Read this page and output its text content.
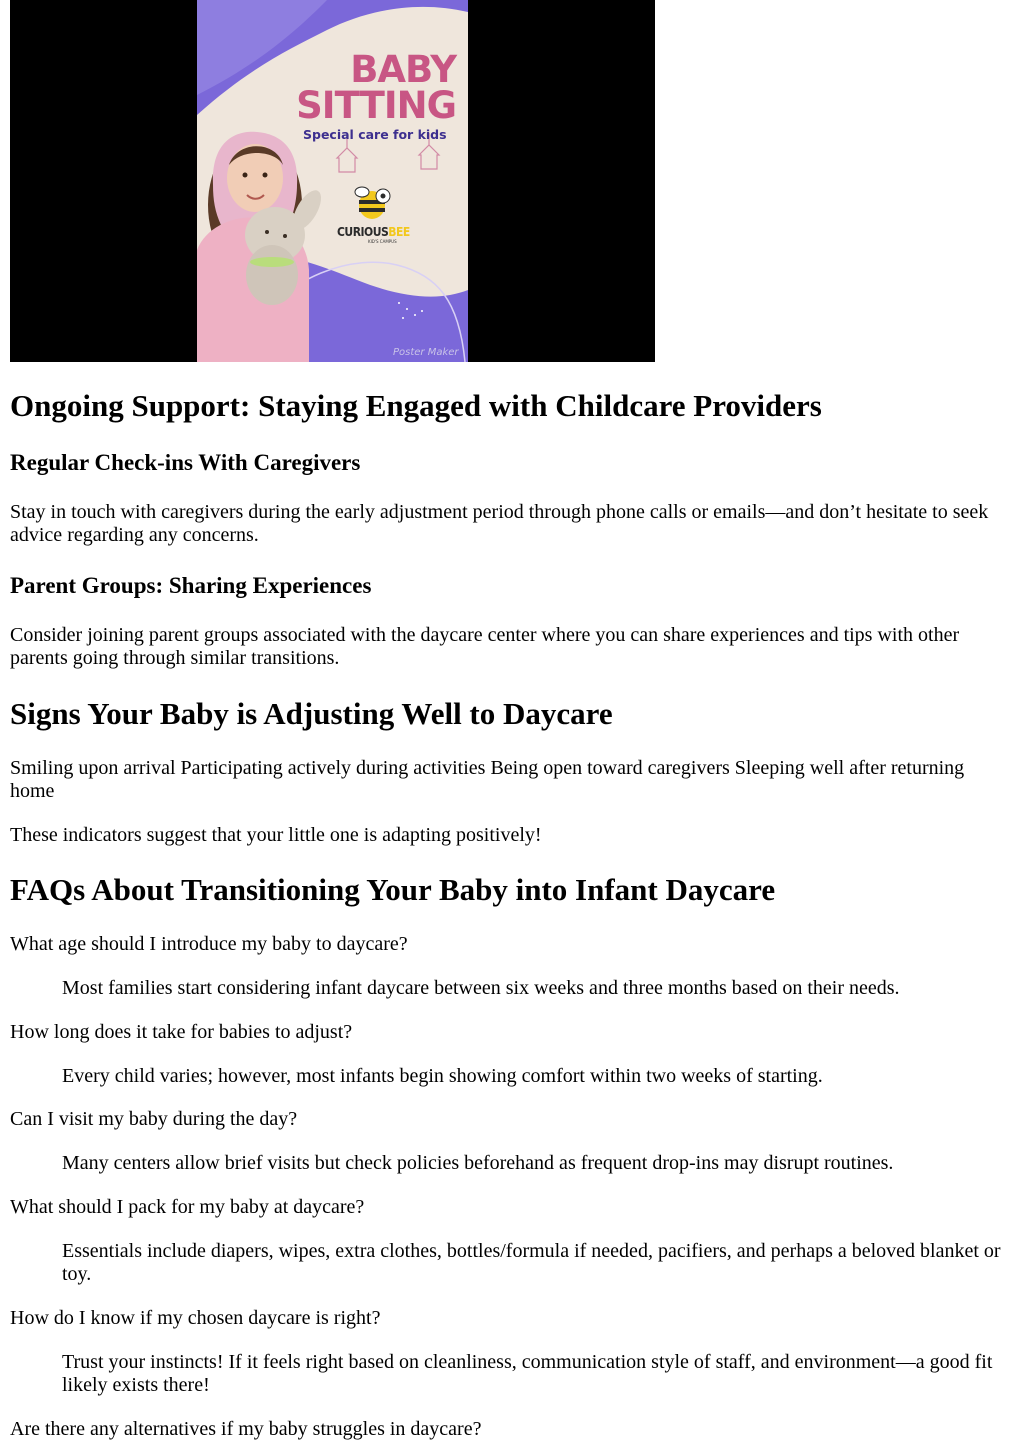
BABY
SITTING
Special care for kids
CURIOUSBEE
KID'S CAMPUS
Poster Maker
Ongoing Support: Staying Engaged with Childcare Providers
Regular Check-ins With Caregivers

Stay in touch with caregivers during the early adjustment period through phone calls or emails—and don’t hesitate to seek advice regarding any concerns.

Parent Groups: Sharing Experiences

Consider joining parent groups associated with the daycare center where you can share experiences and tips with other parents going through similar transitions.

Signs Your Baby is Adjusting Well to Daycare

Smiling upon arrival Participating actively during activities Being open toward caregivers Sleeping well after returning home

These indicators suggest that your little one is adapting positively!

FAQs About Transitioning Your Baby into Infant Daycare
What age should I introduce my baby to daycare?
Most families start considering infant daycare between six weeks and three months based on their needs.
How long does it take for babies to adjust?
Every child varies; however, most infants begin showing comfort within two weeks of starting.
Can I visit my baby during the day?
Many centers allow brief visits but check policies beforehand as frequent drop-ins may disrupt routines.
What should I pack for my baby at daycare?
Essentials include diapers, wipes, extra clothes, bottles/formula if needed, pacifiers, and perhaps a beloved blanket or toy.
How do I know if my chosen daycare is right?
Trust your instincts! If it feels right based on cleanliness, communication style of staff, and environment—a good fit likely exists there!
Are there any alternatives if my baby struggles in daycare?
